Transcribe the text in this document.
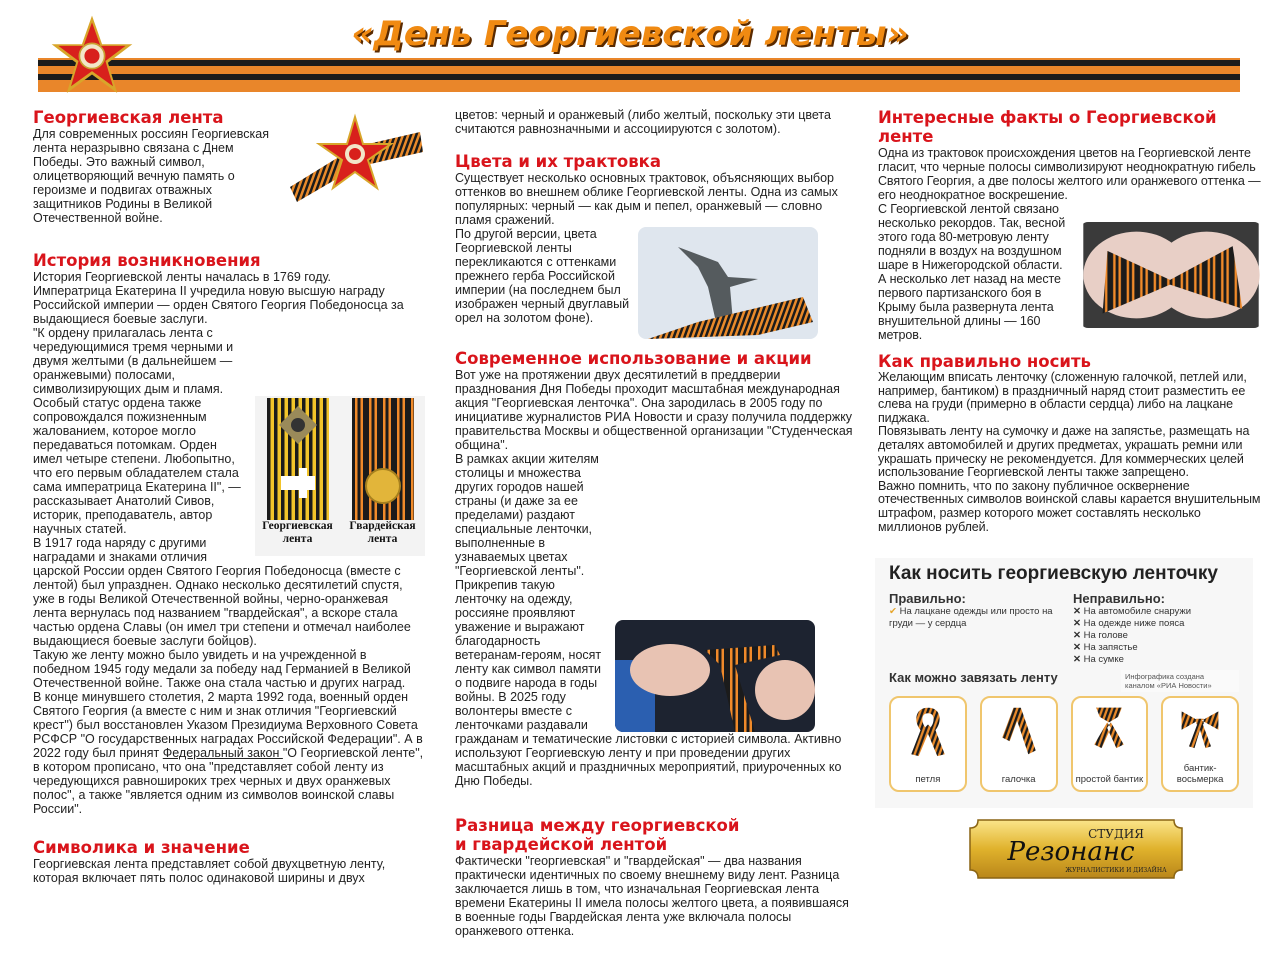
«День Георгиевской ленты»
Георгиевская лента

Для современных россиян Георгиевская лента неразрывно связана с Днем Победы. Это важный символ, олицетворяющий вечную память о героизме и подвигах отважных защитников Родины в Великой Отечественной войне.

История возникновения

История Георгиевской ленты началась в 1769 году.

Императрица Екатерина II учредила новую высшую награду Российской империи — орден Святого Георгия Победоносца за выдающиеся боевые заслуги.

Георгиевская лента
Гвардейская лента

"К ордену прилагалась лента с чередующимися тремя черными и двумя желтыми (в дальнейшем — оранжевыми) полосами, символизирующих дым и пламя. Особый статус ордена также сопровождался пожизненным жалованием, которое могло передаваться потомкам. Орден имел четыре степени. Любопытно, что его первым обладателем стала сама императрица Екатерина II", — рассказывает Анатолий Сивов, историк, преподаватель, автор научных статей.

В 1917 года наряду с другими наградами и знаками отличия царской России орден Святого Георгия Победоносца (вместе с лентой) был упразднен. Однако несколько десятилетий спустя, уже в годы Великой Отечественной войны, черно-оранжевая лента вернулась под названием "гвардейская", а вскоре стала частью ордена Славы (он имел три степени и отмечал наиболее выдающиеся боевые заслуги бойцов).

Такую же ленту можно было увидеть и на учрежденной в победном 1945 году медали за победу над Германией в Великой Отечественной войне. Также она стала частью и других наград.

В конце минувшего столетия, 2 марта 1992 года, военный орден Святого Георгия (а вместе с ним и знак отличия "Георгиевский крест") был восстановлен Указом Президиума Верховного Совета РСФСР "О государственных наградах Российской Федерации". А в 2022 году был принят Федеральный закон "О Георгиевской ленте", в котором прописано, что она "представляет собой ленту из чередующихся равношироких трех черных и двух оранжевых полос", а также "является одним из символов воинской славы России".

Символика и значение

Георгиевская лента представляет собой двухцветную ленту, которая включает пять полос одинаковой ширины и двух

цветов: черный и оранжевый (либо желтый, поскольку эти цвета считаются равнозначными и ассоциируются с золотом).

Цвета и их трактовка

Существует несколько основных трактовок, объясняющих выбор оттенков во внешнем облике Георгиевской ленты. Одна из самых популярных: черный — как дым и пепел, оранжевый — словно пламя сражений.

По другой версии, цвета Георгиевской ленты перекликаются с оттенками прежнего герба Российской империи (на последнем был изображен черный двуглавый орел на золотом фоне).

Современное использование и акции

Вот уже на протяжении двух десятилетий в преддверии празднования Дня Победы проходит масштабная международная акция "Георгиевская ленточка". Она зародилась в 2005 году по инициативе журналистов РИА Новости и сразу получила поддержку правительства Москвы и общественной организации "Студенческая община".

В рамках акции жителям столицы и множества других городов нашей страны (и даже за ее пределами) раздают специальные ленточки, выполненные в узнаваемых цветах "Георгиевской ленты". Прикрепив такую ленточку на одежду, россияне проявляют уважение и выражают благодарность ветеранам-героям, носят ленту как символ памяти о подвиге народа в годы войны. В 2025 году волонтеры вместе с ленточками раздавали гражданам и тематические листовки с историей символа. Активно используют Георгиевскую ленту и при проведении других масштабных акций и праздничных мероприятий, приуроченных ко Дню Победы.

Разница между георгиевской и гвардейской лентой

Фактически "георгиевская" и "гвардейская" — два названия практически идентичных по своему внешнему виду лент. Разница заключается лишь в том, что изначальная Георгиевская лента времени Екатерины II имела полосы желтого цвета, а появившаяся в военные годы Гвардейская лента уже включала полосы оранжевого оттенка.

Интересные факты о Георгиевской ленте

Одна из трактовок происхождения цветов на Георгиевской ленте гласит, что черные полосы символизируют неоднократную гибель Святого Георгия, а две полосы желтого или оранжевого оттенка — его неоднократное воскрешение.

С Георгиевской лентой связано несколько рекордов. Так, весной этого года 80-метровую ленту подняли в воздух на воздушном шаре в Нижегородской области. А несколько лет назад на месте первого партизанского боя в Крыму была развернута лента внушительной длины — 160 метров.

Как правильно носить

Желающим вписать ленточку (сложенную галочкой, петлей или, например, бантиком) в праздничный наряд стоит разместить ее слева на груди (примерно в области сердца) либо на лацкане пиджака.

Повязывать ленту на сумочку и даже на запястье, размещать на деталях автомобилей и других предметах, украшать ремни или украшать прическу не рекомендуется. Для коммерческих целей использование Георгиевской ленты также запрещено.

Важно помнить, что по закону публичное осквернение отечественных символов воинской славы карается внушительным штрафом, размер которого может составлять несколько миллионов рублей.

Как носить георгиевскую ленточку
Правильно:
✔ На лацкане одежды или просто на груди — у сердца
Неправильно:
✕ На автомобиле снаружи
✕ На одежде ниже пояса
✕ На голове
✕ На запястье
✕ На сумке
Как можно завязать ленту	Инфографика создана каналом «РИА Новости»
петля	галочка	простой бантик
бантик-восьмерка
СТУДИЯ
Резонанс
ЖУРНАЛИСТИКИ И ДИЗАЙНА
